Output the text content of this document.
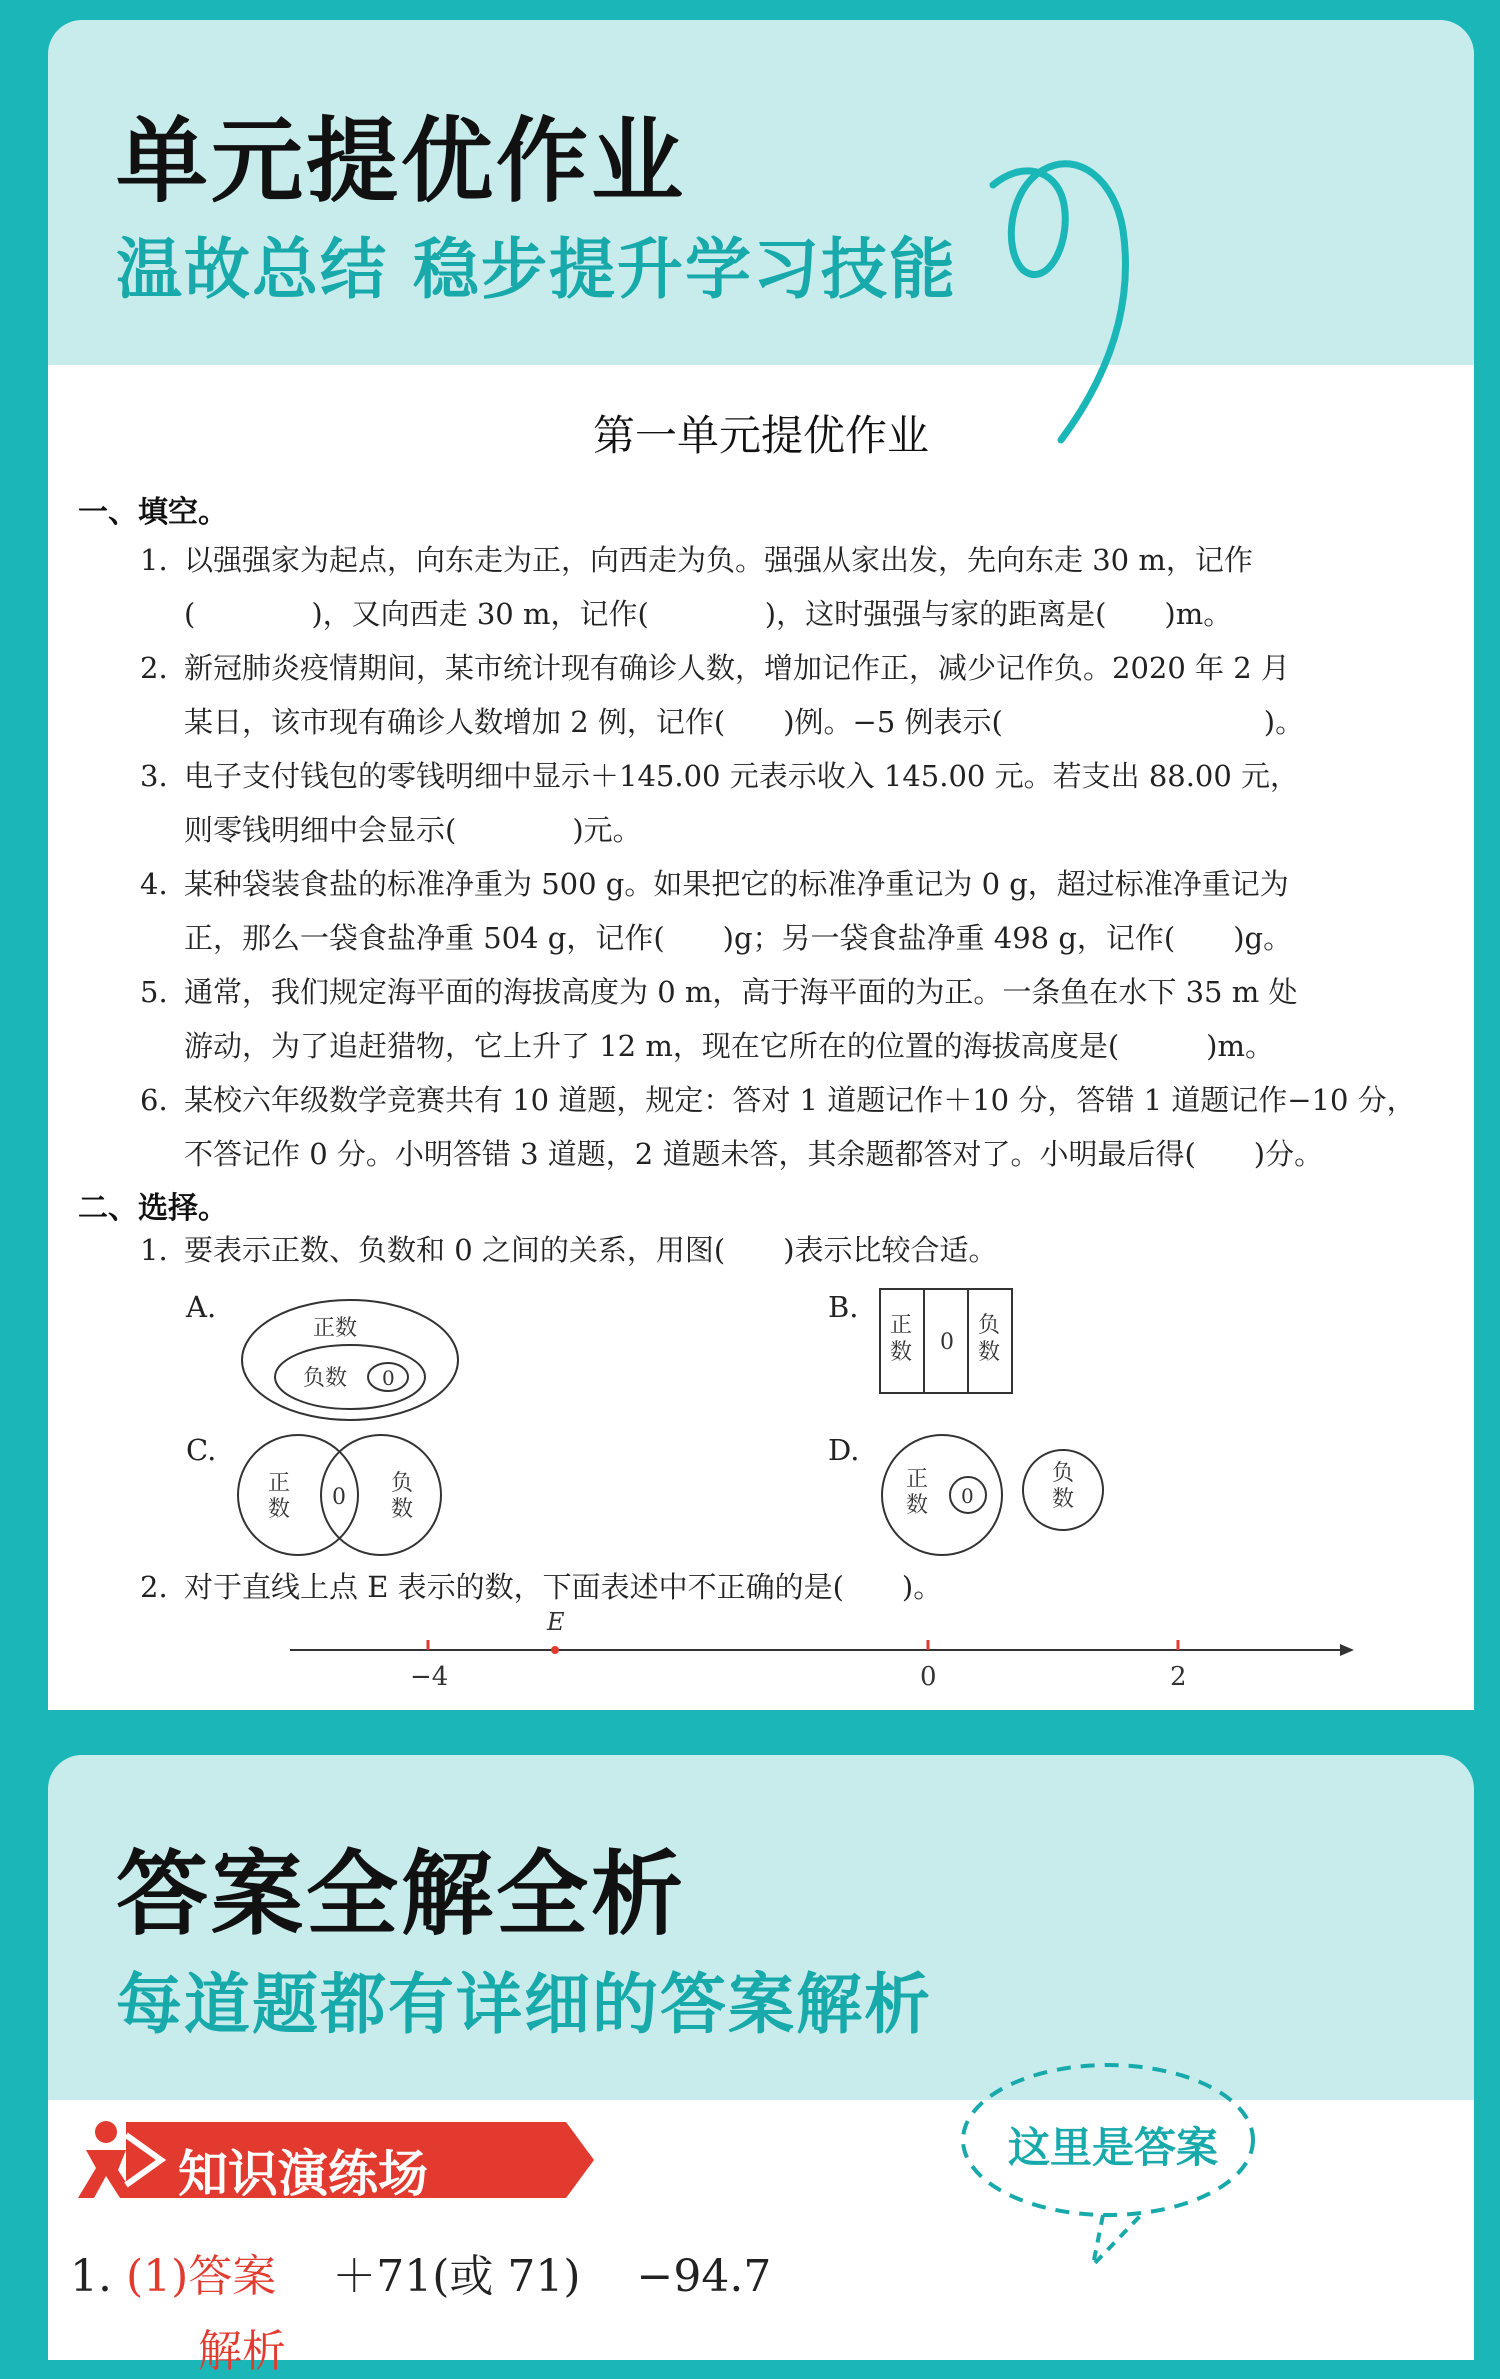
单元提优作业
温故总结 稳步提升学习技能
第一单元提优作业
一、填空。
1. 以强强家为起点，向东走为正，向西走为负。强强从家出发，先向东走 30 m，记作
(　　　　)，又向西走 30 m，记作(　　　　)，这时强强与家的距离是(　　)m。
2. 新冠肺炎疫情期间，某市统计现有确诊人数，增加记作正，减少记作负。2020 年 2 月
某日，该市现有确诊人数增加 2 例，记作(　　)例。−5 例表示(　　　　　　　　　)。
3. 电子支付钱包的零钱明细中显示＋145.00 元表示收入 145.00 元。若支出 88.00 元，
则零钱明细中会显示(　　　　)元。
4. 某种袋装食盐的标准净重为 500 g。如果把它的标准净重记为 0 g，超过标准净重记为
正，那么一袋食盐净重 504 g，记作(　　)g；另一袋食盐净重 498 g，记作(　　)g。
5. 通常，我们规定海平面的海拔高度为 0 m，高于海平面的为正。一条鱼在水下 35 m 处
游动，为了追赶猎物，它上升了 12 m，现在它所在的位置的海拔高度是(　　　)m。
6. 某校六年级数学竞赛共有 10 道题，规定：答对 1 道题记作＋10 分，答错 1 道题记作−10 分，
不答记作 0 分。小明答错 3 道题，2 道题未答，其余题都答对了。小明最后得(　　)分。
二、选择。
1. 要表示正数、负数和 0 之间的关系，用图(　　)表示比较合适。
A.
正数
负数 0
B.
正
数 0
负
数
C.
正
数 0
负
数
D.
正
数 0
负
数
2. 对于直线上点 E 表示的数，下面表述中不正确的是(　　)。
E
−4	0	2
答案全解全析
每道题都有详细的答案解析
知识演练场	这里是答案
1. (1)答案 ＋71(或 71) −94.7
解析
